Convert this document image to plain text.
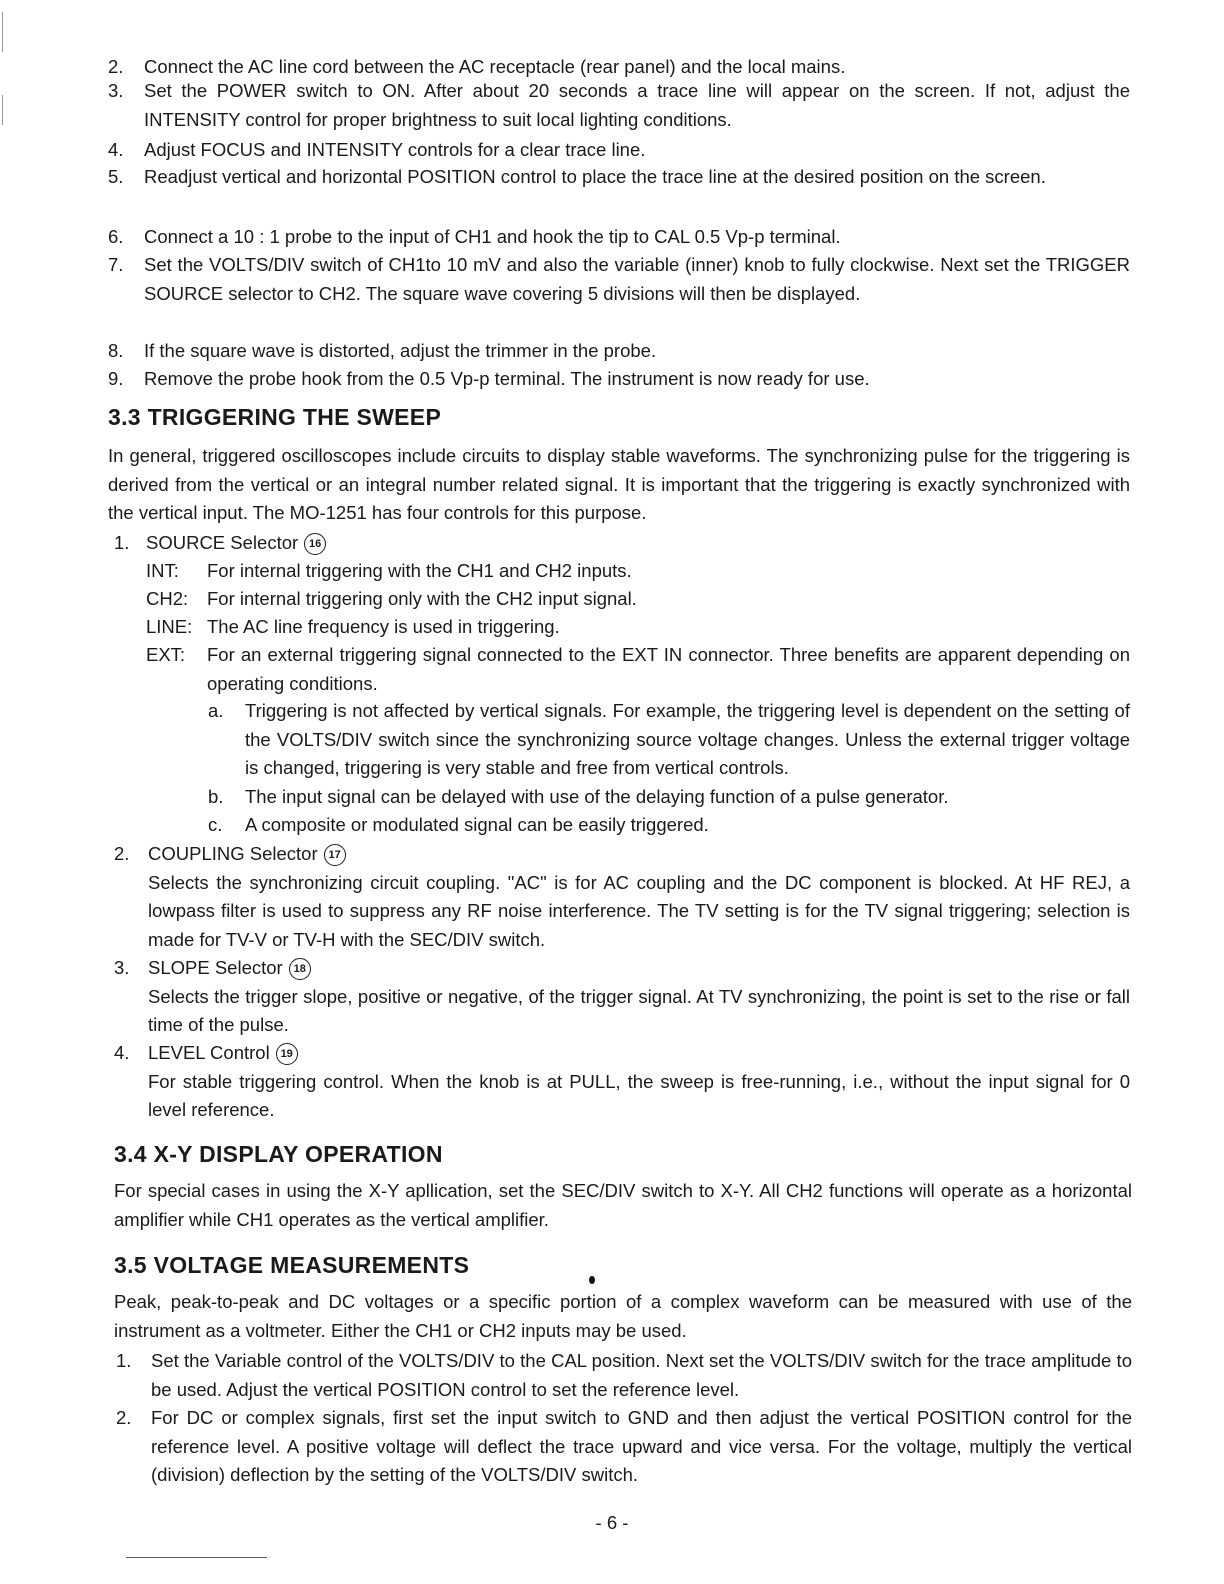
2. Connect the AC line cord between the AC receptacle (rear panel) and the local mains.
3. Set the POWER switch to ON. After about 20 seconds a trace line will appear on the screen. If not, adjust the INTENSITY control for proper brightness to suit local lighting conditions.
4. Adjust FOCUS and INTENSITY controls for a clear trace line.
5. Readjust vertical and horizontal POSITION control to place the trace line at the desired position on the screen.
6. Connect a 10 : 1 probe to the input of CH1 and hook the tip to CAL 0.5 Vp-p terminal.
7. Set the VOLTS/DIV switch of CH1to 10 mV and also the variable (inner) knob to fully clockwise. Next set the TRIGGER SOURCE selector to CH2. The square wave covering 5 divisions will then be displayed.
8. If the square wave is distorted, adjust the trimmer in the probe.
9. Remove the probe hook from the 0.5 Vp-p terminal. The instrument is now ready for use.
3.3 TRIGGERING THE SWEEP
In general, triggered oscilloscopes include circuits to display stable waveforms. The synchronizing pulse for the triggering is derived from the vertical or an integral number related signal. It is important that the triggering is exactly synchronized with the vertical input. The MO-1251 has four controls for this purpose.
1. SOURCE Selector 16
INT: For internal triggering with the CH1 and CH2 inputs.
CH2: For internal triggering only with the CH2 input signal.
LINE: The AC line frequency is used in triggering.
EXT: For an external triggering signal connected to the EXT IN connector. Three benefits are apparent depending on operating conditions.
a. Triggering is not affected by vertical signals. For example, the triggering level is dependent on the setting of the VOLTS/DIV switch since the synchronizing source voltage changes. Unless the external trigger voltage is changed, triggering is very stable and free from vertical controls.
b. The input signal can be delayed with use of the delaying function of a pulse generator.
c. A composite or modulated signal can be easily triggered.
2. COUPLING Selector 17
Selects the synchronizing circuit coupling. "AC" is for AC coupling and the DC component is blocked. At HF REJ, a lowpass filter is used to suppress any RF noise interference. The TV setting is for the TV signal triggering; selection is made for TV-V or TV-H with the SEC/DIV switch.
3. SLOPE Selector 18
Selects the trigger slope, positive or negative, of the trigger signal. At TV synchronizing, the point is set to the rise or fall time of the pulse.
4. LEVEL Control 19
For stable triggering control. When the knob is at PULL, the sweep is free-running, i.e., without the input signal for 0 level reference.
3.4 X-Y DISPLAY OPERATION
For special cases in using the X-Y apllication, set the SEC/DIV switch to X-Y. All CH2 functions will operate as a horizontal amplifier while CH1 operates as the vertical amplifier.
3.5 VOLTAGE MEASUREMENTS
Peak, peak-to-peak and DC voltages or a specific portion of a complex waveform can be measured with use of the instrument as a voltmeter. Either the CH1 or CH2 inputs may be used.
1. Set the Variable control of the VOLTS/DIV to the CAL position. Next set the VOLTS/DIV switch for the trace amplitude to be used. Adjust the vertical POSITION control to set the reference level.
2. For DC or complex signals, first set the input switch to GND and then adjust the vertical POSITION control for the reference level. A positive voltage will deflect the trace upward and vice versa. For the voltage, multiply the vertical (division) deflection by the setting of the VOLTS/DIV switch.
- 6 -
